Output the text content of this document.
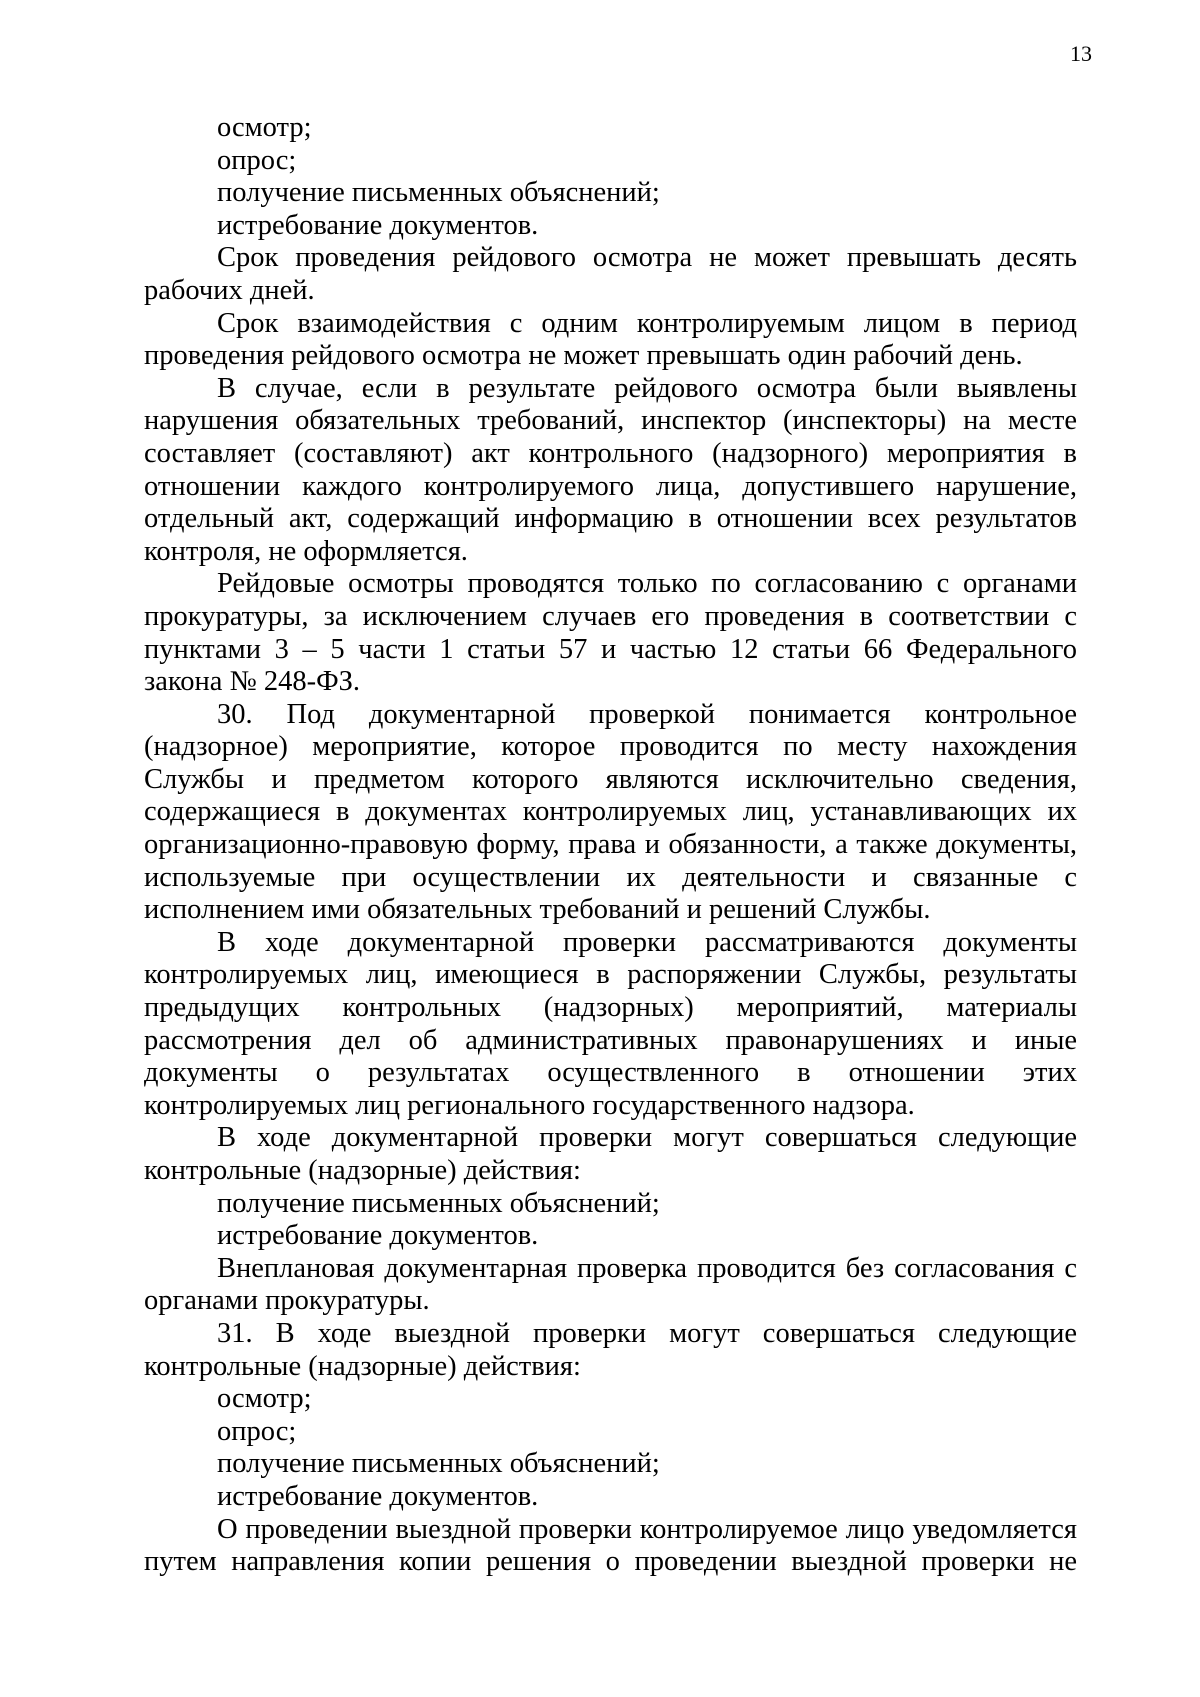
13

осмотр;

опрос;

получение письменных объяснений;

истребование документов.

Срок проведения рейдового осмотра не может превышать десять рабочих дней.

Срок взаимодействия с одним контролируемым лицом в период проведения рейдового осмотра не может превышать один рабочий день.

В случае, если в результате рейдового осмотра были выявлены нарушения обязательных требований, инспектор (инспекторы) на месте составляет (составляют) акт контрольного (надзорного) мероприятия в отношении каждого контролируемого лица, допустившего нарушение, отдельный акт, содержащий информацию в отношении всех результатов контроля, не оформляется.

Рейдовые осмотры проводятся только по согласованию с органами прокуратуры, за исключением случаев его проведения в соответствии с пунктами 3 – 5 части 1 статьи 57 и частью 12 статьи 66 Федерального закона № 248-ФЗ.

30. Под документарной проверкой понимается контрольное (надзорное) мероприятие, которое проводится по месту нахождения Службы и предметом которого являются исключительно сведения, содержащиеся в документах контролируемых лиц, устанавливающих их организационно-правовую форму, права и обязанности, а также документы, используемые при осуществлении их деятельности и связанные с исполнением ими обязательных требований и решений Службы.

В ходе документарной проверки рассматриваются документы контролируемых лиц, имеющиеся в распоряжении Службы, результаты предыдущих контрольных (надзорных) мероприятий, материалы рассмотрения дел об административных правонарушениях и иные документы о результатах осуществленного в отношении этих контролируемых лиц регионального государственного надзора.

В ходе документарной проверки могут совершаться следующие контрольные (надзорные) действия:

получение письменных объяснений;

истребование документов.

Внеплановая документарная проверка проводится без согласования с органами прокуратуры.

31. В ходе выездной проверки могут совершаться следующие контрольные (надзорные) действия:

осмотр;

опрос;

получение письменных объяснений;

истребование документов.

О проведении выездной проверки контролируемое лицо уведомляется путем направления копии решения о проведении выездной проверки не
